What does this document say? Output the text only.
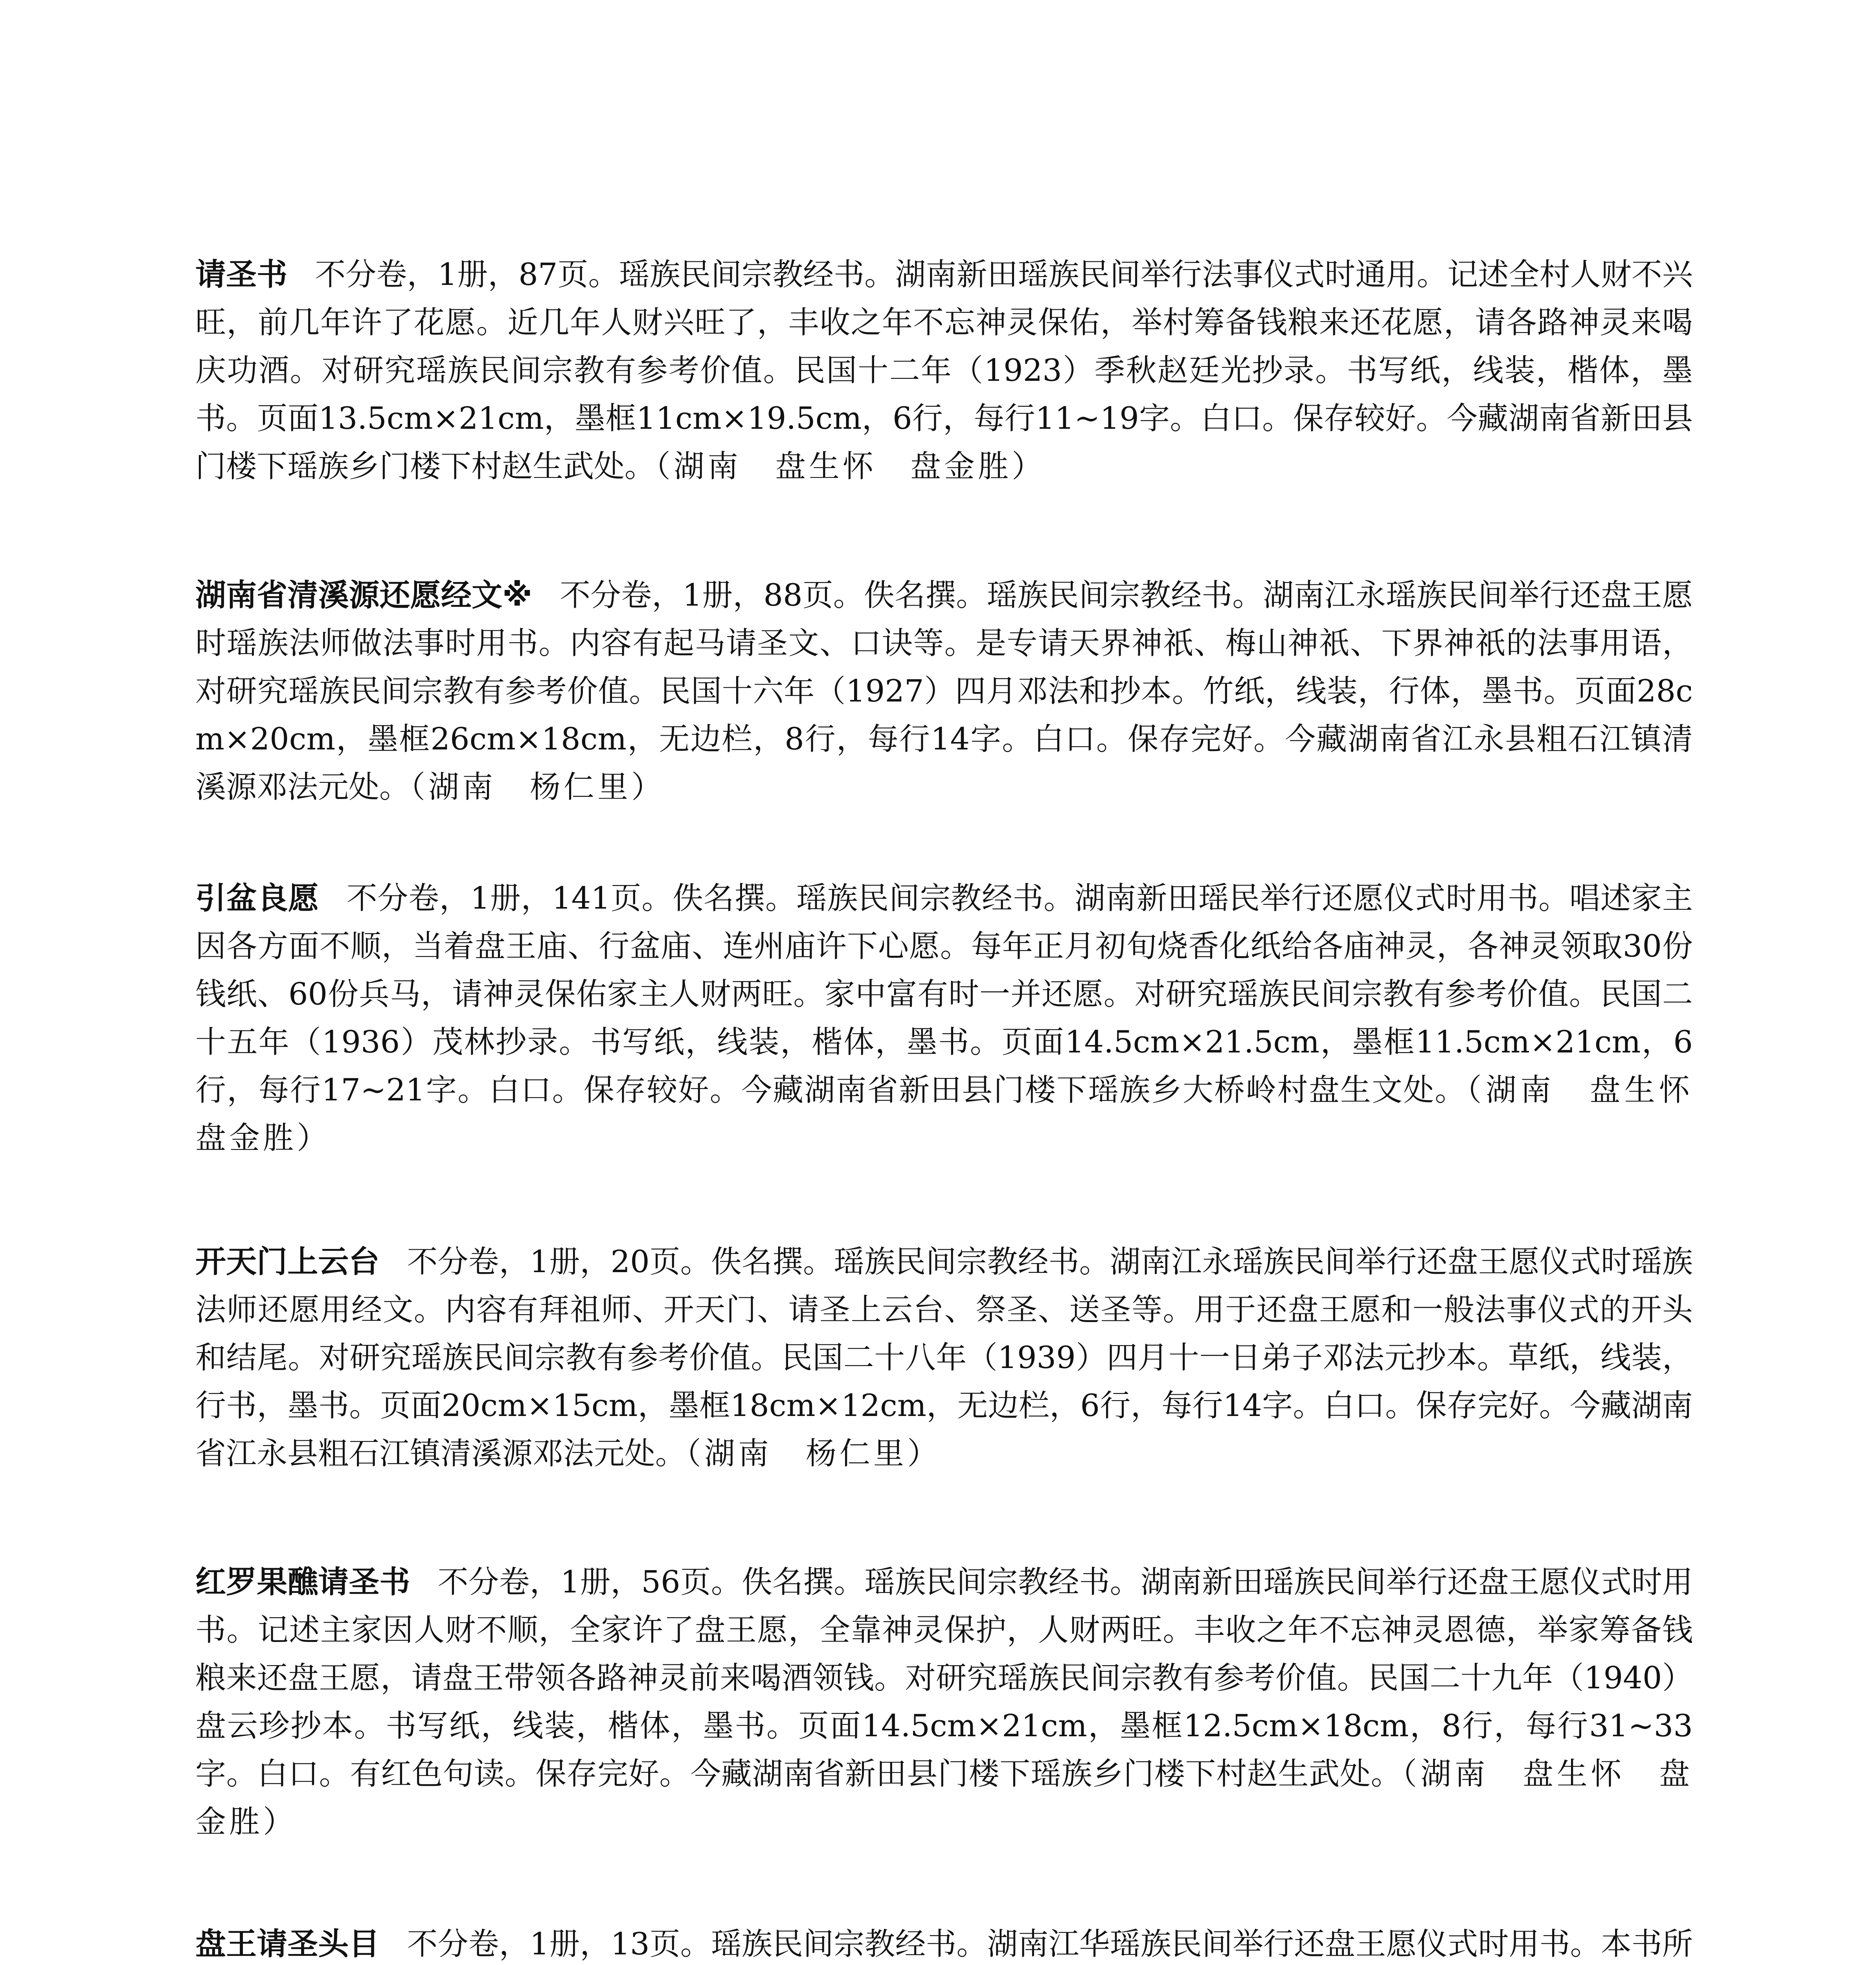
请圣书 不分卷，1册，87页。瑶族民间宗教经书。湖南新田瑶族民间举行法事仪式时通用。记述全村人财不兴旺，前几年许了花愿。近几年人财兴旺了，丰收之年不忘神灵保佑，举村筹备钱粮来还花愿，请各路神灵来喝庆功酒。对研究瑶族民间宗教有参考价值。民国十二年（1923）季秋赵廷光抄录。书写纸，线装，楷体，墨书。页面13.5cm×21cm，墨框11cm×19.5cm，6行，每行11~19字。白口。保存较好。今藏湖南省新田县门楼下瑶族乡门楼下村赵生武处。（湖南　盘生怀　盘金胜）
湖南省清溪源还愿经文※ 不分卷，1册，88页。佚名撰。瑶族民间宗教经书。湖南江永瑶族民间举行还盘王愿时瑶族法师做法事时用书。内容有起马请圣文、口诀等。是专请天界神祇、梅山神祇、下界神祇的法事用语，对研究瑶族民间宗教有参考价值。民国十六年（1927）四月邓法和抄本。竹纸，线装，行体，墨书。页面28cm×20cm，墨框26cm×18cm，无边栏，8行，每行14字。白口。保存完好。今藏湖南省江永县粗石江镇清溪源邓法元处。（湖南　杨仁里）
引盆良愿 不分卷，1册，141页。佚名撰。瑶族民间宗教经书。湖南新田瑶民举行还愿仪式时用书。唱述家主因各方面不顺，当着盘王庙、行盆庙、连州庙许下心愿。每年正月初旬烧香化纸给各庙神灵，各神灵领取30份钱纸、60份兵马，请神灵保佑家主人财两旺。家中富有时一并还愿。对研究瑶族民间宗教有参考价值。民国二十五年（1936）茂林抄录。书写纸，线装，楷体，墨书。页面14.5cm×21.5cm，墨框11.5cm×21cm，6行，每行17~21字。白口。保存较好。今藏湖南省新田县门楼下瑶族乡大桥岭村盘生文处。（湖南　盘生怀　盘金胜）
开天门上云台 不分卷，1册，20页。佚名撰。瑶族民间宗教经书。湖南江永瑶族民间举行还盘王愿仪式时瑶族法师还愿用经文。内容有拜祖师、开天门、请圣上云台、祭圣、送圣等。用于还盘王愿和一般法事仪式的开头和结尾。对研究瑶族民间宗教有参考价值。民国二十八年（1939）四月十一日弟子邓法元抄本。草纸，线装，行书，墨书。页面20cm×15cm，墨框18cm×12cm，无边栏，6行，每行14字。白口。保存完好。今藏湖南省江永县粗石江镇清溪源邓法元处。（湖南　杨仁里）
红罗果醮请圣书 不分卷，1册，56页。佚名撰。瑶族民间宗教经书。湖南新田瑶族民间举行还盘王愿仪式时用书。记述主家因人财不顺，全家许了盘王愿，全靠神灵保护，人财两旺。丰收之年不忘神灵恩德，举家筹备钱粮来还盘王愿，请盘王带领各路神灵前来喝酒领钱。对研究瑶族民间宗教有参考价值。民国二十九年（1940）盘云珍抄本。书写纸，线装，楷体，墨书。页面14.5cm×21cm，墨框12.5cm×18cm，8行，每行31~33字。白口。有红色句读。保存完好。今藏湖南省新田县门楼下瑶族乡门楼下村赵生武处。（湖南　盘生怀　盘金胜）
盘王请圣头目 不分卷，1册，13页。瑶族民间宗教经书。湖南江华瑶族民间举行还盘王愿仪式时用书。本书所
